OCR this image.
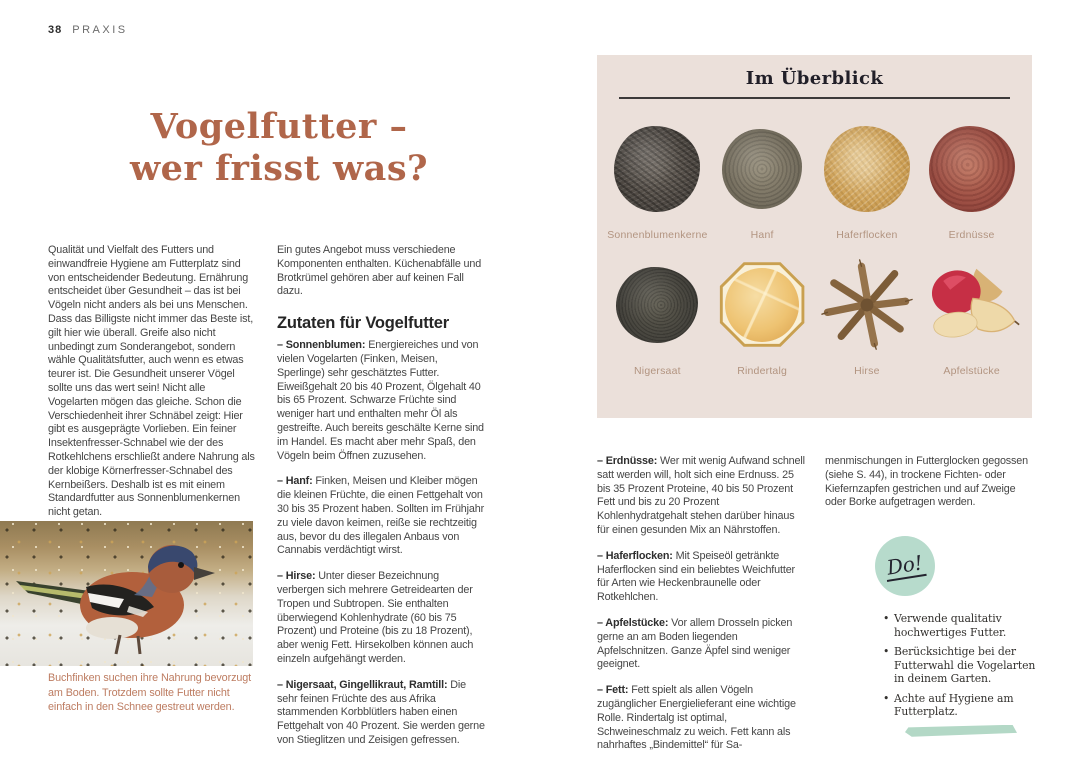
38 PRAXIS
Vogelfutter –
wer frisst was?

Qualität und Vielfalt des Futters und einwandfreie Hygiene am Futterplatz sind von entscheidender Bedeutung. Ernährung entscheidet über Gesundheit – das ist bei Vögeln nicht anders als bei uns Menschen. Dass das Billigste nicht immer das Beste ist, gilt hier wie überall. Greife also nicht unbedingt zum Sonderangebot, sondern wähle Qualitätsfutter, auch wenn es etwas teurer ist. Die Gesundheit unserer Vögel sollte uns das wert sein! Nicht alle Vogelarten mögen das gleiche. Schon die Verschiedenheit ihrer Schnäbel zeigt: Hier gibt es ausgeprägte Vorlieben. Ein feiner Insektenfresser-Schnabel wie der des Rotkehlchens erschließt andere Nahrung als der klobige Körnerfresser-Schnabel des Kernbeißers. Deshalb ist es mit einem Standardfutter aus Sonnenblumenkernen nicht getan.

Ein gutes Angebot muss verschiedene Komponenten enthalten. Küchenabfälle und Brotkrümel gehören aber auf keinen Fall dazu.

Zutaten für Vogelfutter

– Sonnenblumen: Energiereiches und von vielen Vogelarten (Finken, Meisen, Sperlinge) sehr geschätztes Futter. Eiweißgehalt 20 bis 40 Prozent, Ölgehalt 40 bis 65 Prozent. Schwarze Früchte sind weniger hart und enthalten mehr Öl als gestreifte. Auch bereits geschälte Kerne sind im Handel. Es macht aber mehr Spaß, den Vögeln beim Öffnen zuzusehen.

– Hanf: Finken, Meisen und Kleiber mögen die kleinen Früchte, die einen Fettgehalt von 30 bis 35 Prozent haben. Sollten im Frühjahr zu viele davon keimen, reiße sie rechtzeitig aus, bevor du des illegalen Anbaus von Cannabis verdächtigt wirst.

– Hirse: Unter dieser Bezeichnung verbergen sich mehrere Getreidearten der Tropen und Subtropen. Sie enthalten überwiegend Kohlenhydrate (60 bis 75 Prozent) und Proteine (bis zu 18 Prozent), aber wenig Fett. Hirsekolben können auch einzeln aufgehängt werden.

– Nigersaat, Gingellikraut, Ramtill: Die sehr feinen Früchte des aus Afrika stammenden Korbblütlers haben einen Fettgehalt von 40 Prozent. Sie werden gerne von Stieglitzen und Zeisigen gefressen.

Buchfinken suchen ihre Nahrung bevorzugt am Boden. Trotzdem sollte Futter nicht einfach in den Schnee gestreut werden.

Im Überblick
Sonnenblumenkerne	Hanf	Haferflocken	Erdnüsse
Nigersaat	Rindertalg	Hirse	Apfelstücke

– Erdnüsse: Wer mit wenig Aufwand schnell satt werden will, holt sich eine Erdnuss. 25 bis 35 Prozent Proteine, 40 bis 50 Prozent Fett und bis zu 20 Prozent Kohlenhydratgehalt stehen darüber hinaus für einen gesunden Mix an Nährstoffen.

– Haferflocken: Mit Speiseöl getränkte Haferflocken sind ein beliebtes Weichfutter für Arten wie Heckenbraunelle oder Rotkehlchen.

– Apfelstücke: Vor allem Drosseln picken gerne an am Boden liegenden Apfelschnitzen. Ganze Äpfel sind weniger geeignet.

– Fett: Fett spielt als allen Vögeln zugänglicher Energielieferant eine wichtige Rolle. Rindertalg ist optimal, Schweineschmalz zu weich. Fett kann als nahrhaftes „Bindemittel“ für Sa-

menmischungen in Futterglocken gegossen (siehe S. 44), in trockene Fichten- oder Kiefernzapfen gestrichen und auf Zweige oder Borke aufgetragen werden.

Do!
• Verwende qualitativ hochwertiges Futter.
• Berücksichtige bei der Futterwahl die Vogelarten in deinem Garten.
• Achte auf Hygiene am Futterplatz.
